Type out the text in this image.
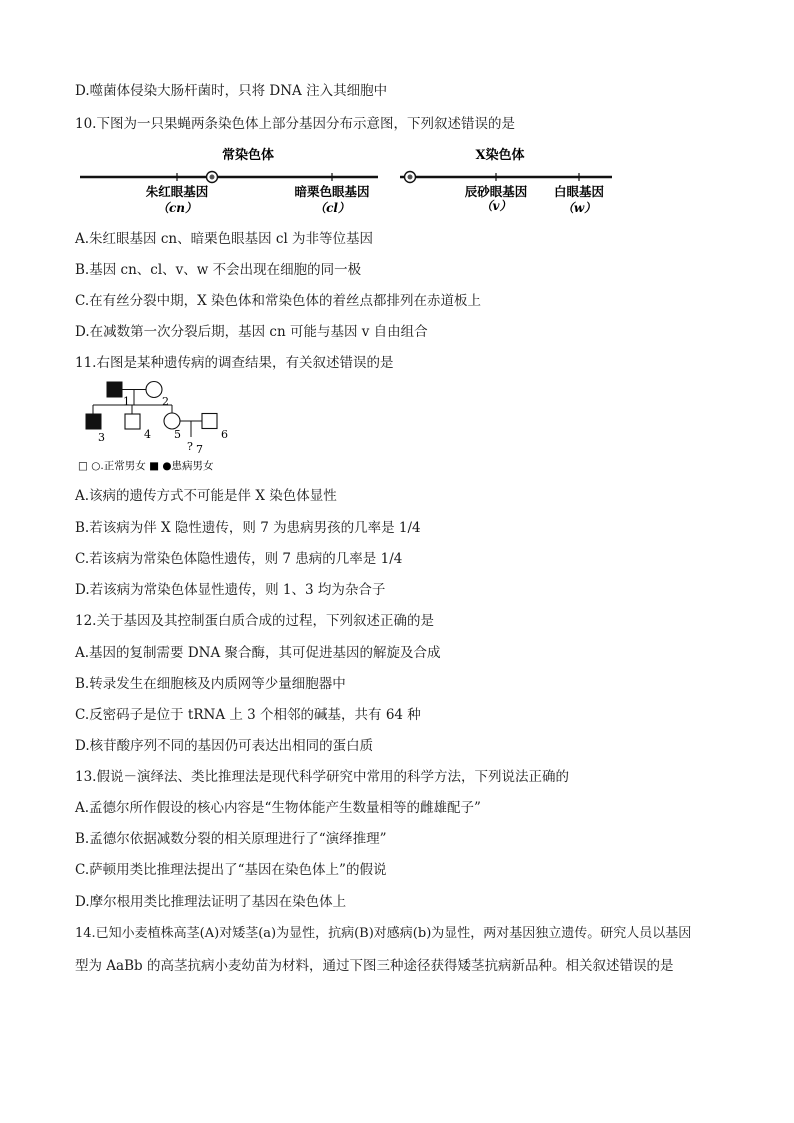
D.噬菌体侵染大肠杆菌时，只将 DNA 注入其细胞中
10.下图为一只果蝇两条染色体上部分基因分布示意图，下列叙述错误的是
常染色体	X染色体
朱红眼基因
（cn）
暗栗色眼基因
（cl）
辰砂眼基因
（v）
白眼基因
（w）
A.朱红眼基因 cn、暗栗色眼基因 cl 为非等位基因
B.基因 cn、cl、v、w 不会出现在细胞的同一极
C.在有丝分裂中期，X 染色体和常染色体的着丝点都排列在赤道板上
D.在减数第一次分裂后期，基因 cn 可能与基因 v 自由组合
11.右图是某种遗传病的调查结果，有关叙述错误的是
1	2
3	4 5	6
? 7
□ ○.正常男女 ■ ●患病男女
A.该病的遗传方式不可能是伴 X 染色体显性
B.若该病为伴 X 隐性遗传，则 7 为患病男孩的几率是 1/4
C.若该病为常染色体隐性遗传，则 7 患病的几率是 1/4
D.若该病为常染色体显性遗传，则 1、3 均为杂合子
12.关于基因及其控制蛋白质合成的过程，下列叙述正确的是
A.基因的复制需要 DNA 聚合酶，其可促进基因的解旋及合成
B.转录发生在细胞核及内质网等少量细胞器中
C.反密码子是位于 tRNA 上 3 个相邻的碱基，共有 64 种
D.核苷酸序列不同的基因仍可表达出相同的蛋白质
13.假说－演绎法、类比推理法是现代科学研究中常用的科学方法，下列说法正确的
A.孟德尔所作假设的核心内容是“生物体能产生数量相等的雌雄配子”
B.孟德尔依据减数分裂的相关原理进行了“演绎推理”
C.萨顿用类比推理法提出了“基因在染色体上”的假说
D.摩尔根用类比推理法证明了基因在染色体上
14.已知小麦植株高茎(A)对矮茎(a)为显性，抗病(B)对感病(b)为显性，两对基因独立遗传。研究人员以基因
型为 AaBb 的高茎抗病小麦幼苗为材料，通过下图三种途径获得矮茎抗病新品种。相关叙述错误的是
